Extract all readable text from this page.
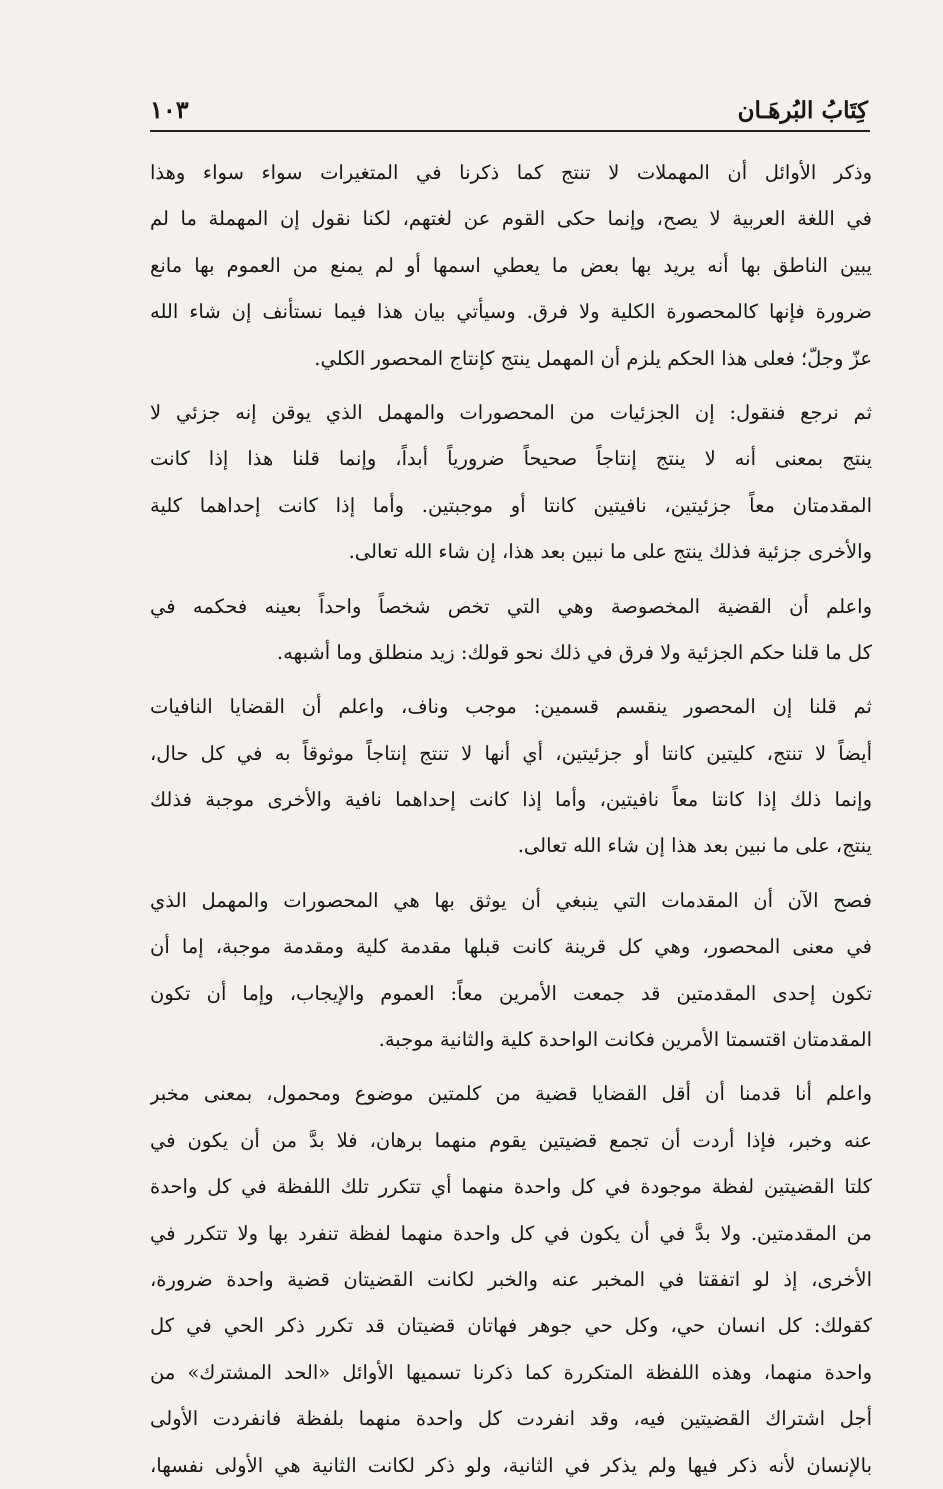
١٠٣	كِتَابُ البُرهَـان
وذكر الأوائل أن المهملات لا تنتج كما ذكرنا في المتغيرات سواء سواء وهذا
في اللغة العربية لا يصح، وإنما حكى القوم عن لغتهم، لكنا نقول إن المهملة ما لم
يبين الناطق بها أنه يريد بها بعض ما يعطي اسمها أو لم يمنع من العموم بها مانع
ضرورة فإنها كالمحصورة الكلية ولا فرق. وسيأتي بيان هذا فيما نستأنف إن شاء الله
عزّ وجلّ؛ فعلى هذا الحكم يلزم أن المهمل ينتج كإنتاج المحصور الكلي.
ثم نرجع فنقول: إن الجزئيات من المحصورات والمهمل الذي يوقن إنه جزئي لا
ينتج بمعنى أنه لا ينتج إنتاجاً صحيحاً ضرورياً أبداً، وإنما قلنا هذا إذا كانت
المقدمتان معاً جزئيتين، نافيتين كانتا أو موجبتين. وأما إذا كانت إحداهما كلية
والأخرى جزئية فذلك ينتج على ما نبين بعد هذا، إن شاء الله تعالى.
واعلم أن القضية المخصوصة وهي التي تخص شخصاً واحداً بعينه فحكمه في
كل ما قلنا حكم الجزئية ولا فرق في ذلك نحو قولك: زيد منطلق وما أشبهه.
ثم قلنا إن المحصور ينقسم قسمين: موجب وناف، واعلم أن القضايا النافيات
أيضاً لا تنتج، كليتين كانتا أو جزئيتين، أي أنها لا تنتج إنتاجاً موثوقاً به في كل حال،
وإنما ذلك إذا كانتا معاً نافيتين، وأما إذا كانت إحداهما نافية والأخرى موجبة فذلك
ينتج، على ما نبين بعد هذا إن شاء الله تعالى.
فصح الآن أن المقدمات التي ينبغي أن يوثق بها هي المحصورات والمهمل الذي
في معنى المحصور، وهي كل قرينة كانت قبلها مقدمة كلية ومقدمة موجبة، إما أن
تكون إحدى المقدمتين قد جمعت الأمرين معاً: العموم والإيجاب، وإما أن تكون
المقدمتان اقتسمتا الأمرين فكانت الواحدة كلية والثانية موجبة.
واعلم أنا قدمنا أن أقل القضايا قضية من كلمتين موضوع ومحمول، بمعنى مخبر
عنه وخبر، فإذا أردت أن تجمع قضيتين يقوم منهما برهان، فلا بدَّ من أن يكون في
كلتا القضيتين لفظة موجودة في كل واحدة منهما أي تتكرر تلك اللفظة في كل واحدة
من المقدمتين. ولا بدَّ في أن يكون في كل واحدة منهما لفظة تنفرد بها ولا تتكرر في
الأخرى، إذ لو اتفقتا في المخبر عنه والخبر لكانت القضيتان قضية واحدة ضرورة،
كقولك: كل انسان حي، وكل حي جوهر فهاتان قضيتان قد تكرر ذكر الحي في كل
واحدة منهما، وهذه اللفظة المتكررة كما ذكرنا تسميها الأوائل «الحد المشترك» من
أجل اشتراك القضيتين فيه، وقد انفردت كل واحدة منهما بلفظة فانفردت الأولى
بالإنسان لأنه ذكر فيها ولم يذكر في الثانية، ولو ذكر لكانت الثانية هي الأولى نفسها،
